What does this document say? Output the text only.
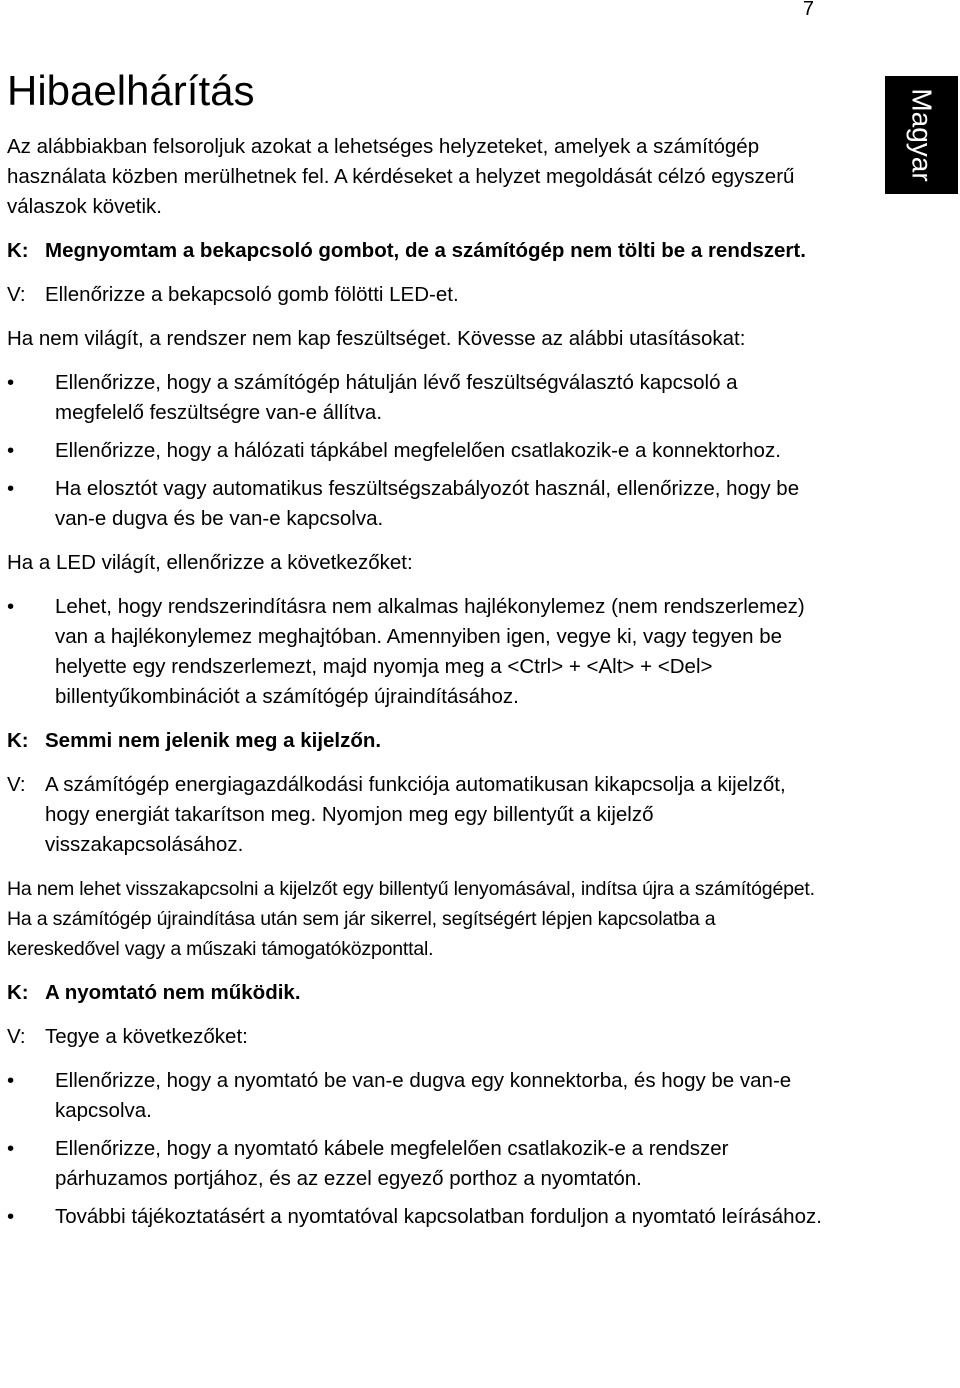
7
Magyar
Hibaelhárítás

Az alábbiakban felsoroljuk azokat a lehetséges helyzeteket, amelyek a számítógép használata közben merülhetnek fel. A kérdéseket a helyzet megoldását célzó egyszerű válaszok követik.

K: Megnyomtam a bekapcsoló gombot, de a számítógép nem tölti be a rendszert.
V: Ellenőrizze a bekapcsoló gomb fölötti LED-et.

Ha nem világít, a rendszer nem kap feszültséget. Kövesse az alábbi utasításokat:

•	Ellenőrizze, hogy a számítógép hátulján lévő feszültségválasztó kapcsoló a megfelelő feszültségre van-e állítva.
•	Ellenőrizze, hogy a hálózati tápkábel megfelelően csatlakozik-e a konnektorhoz.
•	Ha elosztót vagy automatikus feszültségszabályozót használ, ellenőrizze, hogy be van-e dugva és be van-e kapcsolva.

Ha a LED világít, ellenőrizze a következőket:

•	Lehet, hogy rendszerindításra nem alkalmas hajlékonylemez (nem rendszerlemez) van a hajlékonylemez meghajtóban. Amennyiben igen, vegye ki, vagy tegyen be helyette egy rendszerlemezt, majd nyomja meg a <Ctrl> + <Alt> + <Del> billentyűkombinációt a számítógép újraindításához.
K: Semmi nem jelenik meg a kijelzőn.
V: A számítógép energiagazdálkodási funkciója automatikusan kikapcsolja a kijelzőt, hogy energiát takarítson meg. Nyomjon meg egy billentyűt a kijelző visszakapcsolásához.

Ha nem lehet visszakapcsolni a kijelzőt egy billentyű lenyomásával, indítsa újra a számítógépet. Ha a számítógép újraindítása után sem jár sikerrel, segítségért lépjen kapcsolatba a kereskedővel vagy a műszaki támogatóközponttal.

K: A nyomtató nem működik.
V: Tegye a következőket:
•	Ellenőrizze, hogy a nyomtató be van-e dugva egy konnektorba, és hogy be van-e kapcsolva.
•	Ellenőrizze, hogy a nyomtató kábele megfelelően csatlakozik-e a rendszer párhuzamos portjához, és az ezzel egyező porthoz a nyomtatón.
•	További tájékoztatásért a nyomtatóval kapcsolatban forduljon a nyomtató leírásához.
